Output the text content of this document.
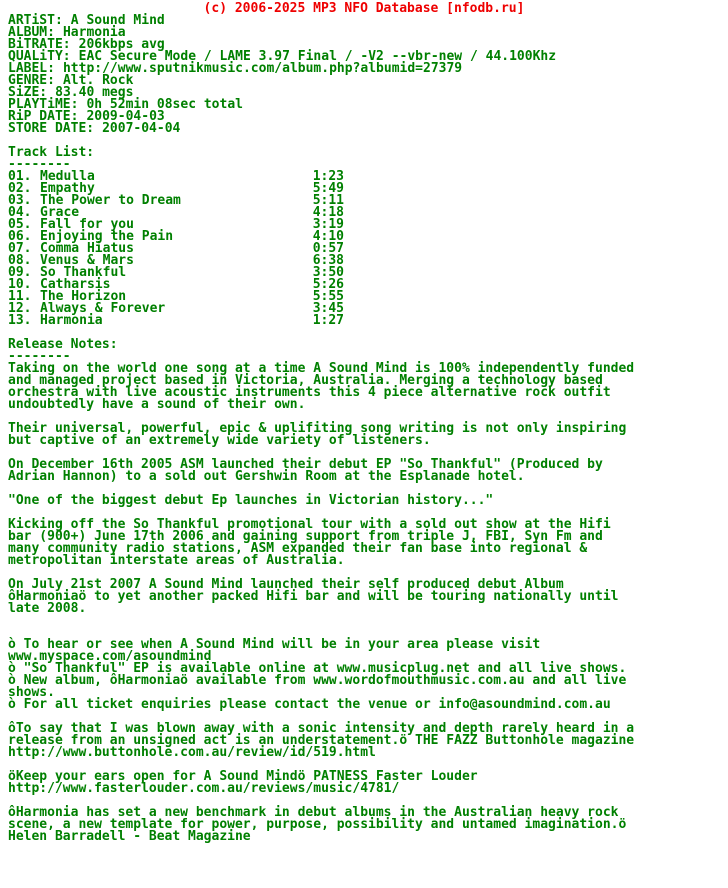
(c) 2006-2025 MP3 NFO Database [nfodb.ru]
ARTiST: A Sound Mind
ALBUM: Harmonia
BiTRATE: 206kbps avg
QUALiTY: EAC Secure Mode / LAME 3.97 Final / -V2 --vbr-new / 44.100Khz
LABEL: http://www.sputnikmusic.com/album.php?albumid=27379
GENRE: Alt. Rock
SiZE: 83.40 megs
PLAYTiME: 0h 52min 08sec total
RiP DATE: 2009-04-03
STORE DATE: 2007-04-04
Track List:
--------
01. Medulla	1:23
02. Empathy	5:49
03. The Power to Dream	5:11
04. Grace	4:18
05. Fall for you	3:19
06. Enjoying the Pain	4:10
07. Comma Hiatus	0:57
08. Venus & Mars	6:38
09. So Thankful	3:50
10. Catharsis	5:26
11. The Horizon	5:55
12. Always & Forever	3:45
13. Harmonia	1:27
Release Notes:
--------
Taking on the world one song at a time A Sound Mind is 100% independently funded
and managed project based in Victoria, Australia. Merging a technology based
orchestra with live acoustic instruments this 4 piece alternative rock outfit
undoubtedly have a sound of their own.
Their universal, powerful, epic & uplifiting song writing is not only inspiring
but captive of an extremely wide variety of listeners.
On December 16th 2005 ASM launched their debut EP "So Thankful" (Produced by
Adrian Hannon) to a sold out Gershwin Room at the Esplanade hotel.
"One of the biggest debut Ep launches in Victorian history..."
Kicking off the So Thankful promotional tour with a sold out show at the Hifi
bar (900+) June 17th 2006 and gaining support from triple J, FBI, Syn Fm and
many community radio stations, ASM expanded their fan base into regional &
metropolitan interstate areas of Australia.
On July 21st 2007 A Sound Mind launched their self produced debut Album
ôHarmoniaö to yet another packed Hifi bar and will be touring nationally until
late 2008.
ò To hear or see when A Sound Mind will be in your area please visit
www.myspace.com/asoundmind
ò "So Thankful" EP is available online at www.musicplug.net and all live shows.
ò New album, ôHarmoniaö available from www.wordofmouthmusic.com.au and all live
shows.
ò For all ticket enquiries please contact the venue or info@asoundmind.com.au
ôTo say that I was blown away with a sonic intensity and depth rarely heard in a
release from an unsigned act is an understatement.ö THE FAZZ Buttonhole magazine
http://www.buttonhole.com.au/review/id/519.html
öKeep your ears open for A Sound Mindö PATNESS Faster Louder
http://www.fasterlouder.com.au/reviews/music/4781/
ôHarmonia has set a new benchmark in debut albums in the Australian heavy rock
scene, a new template for power, purpose, possibility and untamed imagination.ö
Helen Barradell - Beat Magazine
